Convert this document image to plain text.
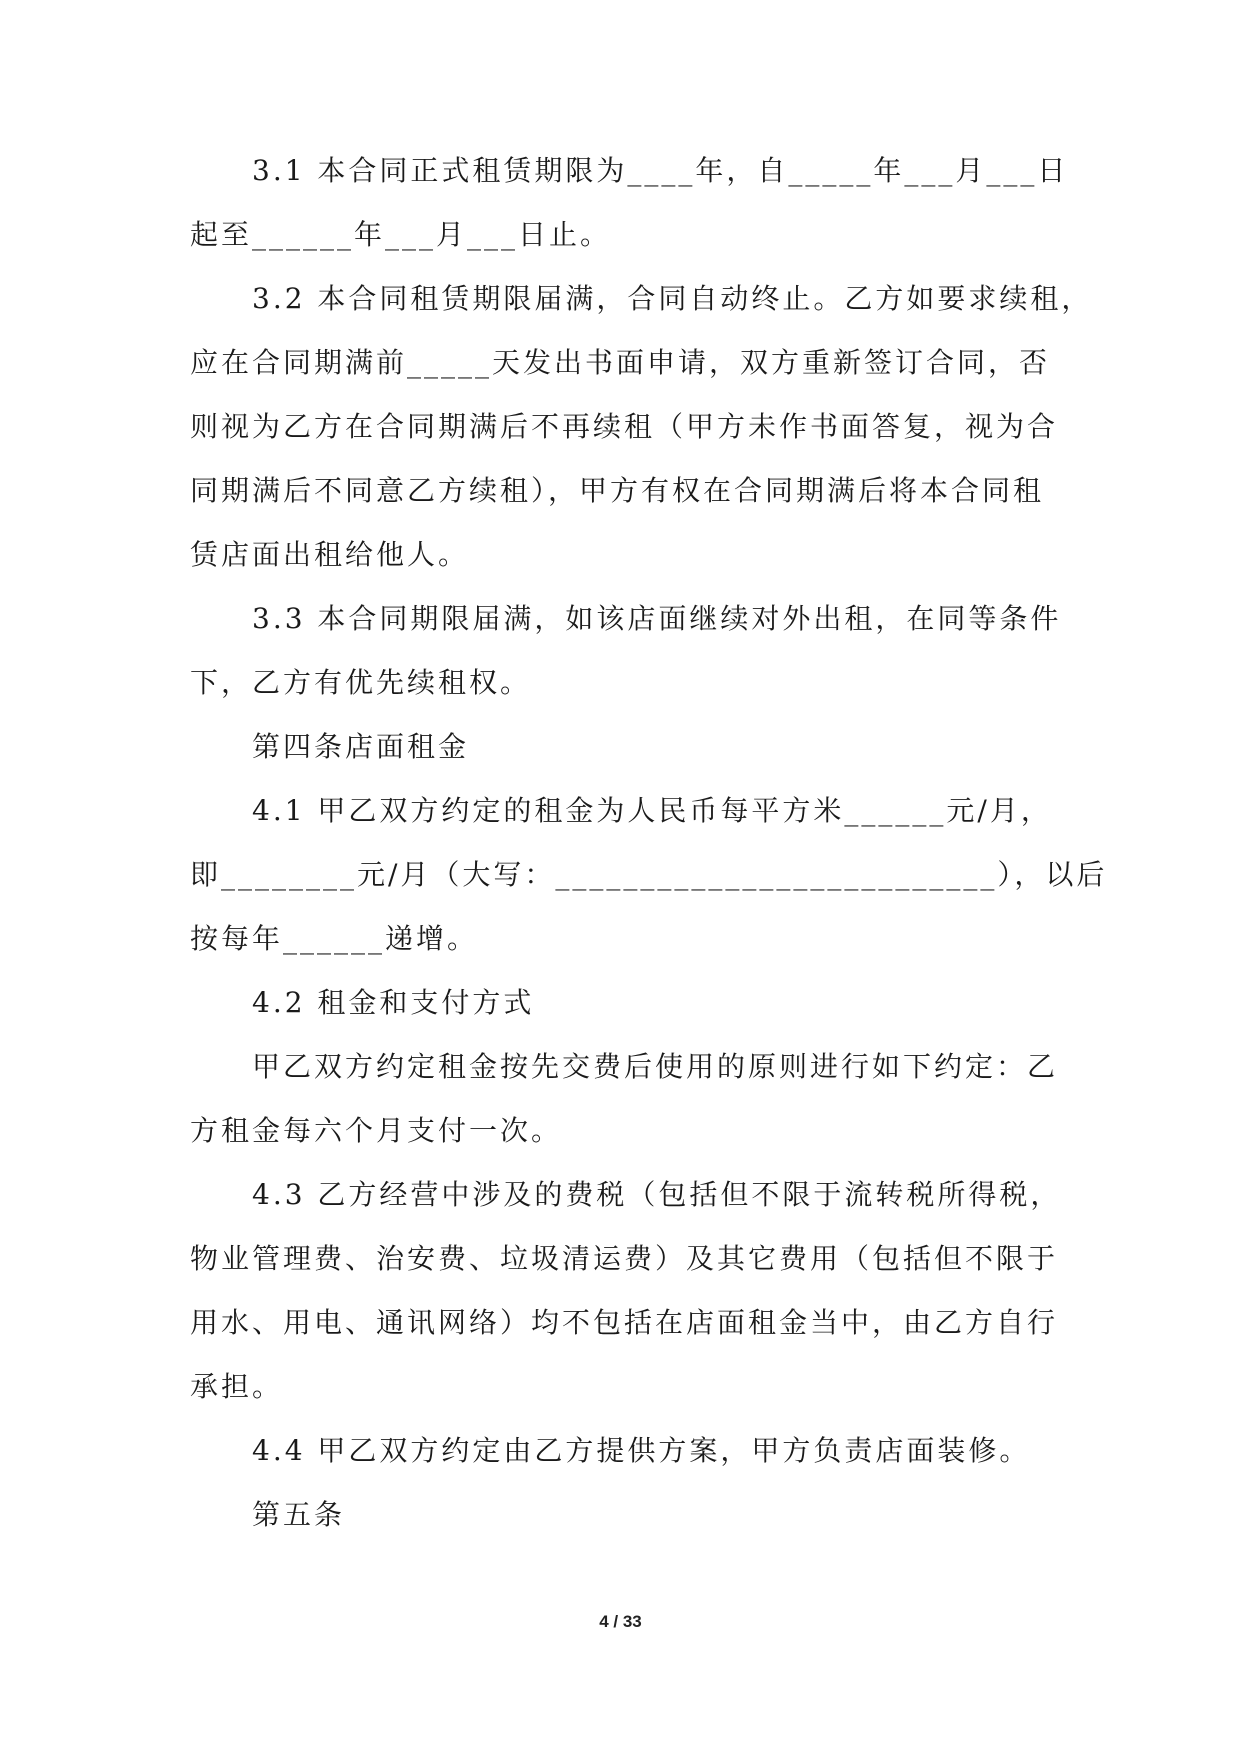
3.1 本合同正式租赁期限为____年，自_____年___月___日
起至______年___月___日止。
3.2 本合同租赁期限届满，合同自动终止。乙方如要求续租，
应在合同期满前_____天发出书面申请，双方重新签订合同，否
则视为乙方在合同期满后不再续租（甲方未作书面答复，视为合
同期满后不同意乙方续租），甲方有权在合同期满后将本合同租
赁店面出租给他人。
3.3 本合同期限届满，如该店面继续对外出租，在同等条件
下，乙方有优先续租权。
第四条店面租金
4.1 甲乙双方约定的租金为人民币每平方米______元/月，
即________元/月（大写：__________________________），以后
按每年______递增。
4.2 租金和支付方式
甲乙双方约定租金按先交费后使用的原则进行如下约定：乙
方租金每六个月支付一次。
4.3 乙方经营中涉及的费税（包括但不限于流转税所得税，
物业管理费、治安费、垃圾清运费）及其它费用（包括但不限于
用水、用电、通讯网络）均不包括在店面租金当中，由乙方自行
承担。
4.4 甲乙双方约定由乙方提供方案，甲方负责店面装修。
第五条
4 / 33
